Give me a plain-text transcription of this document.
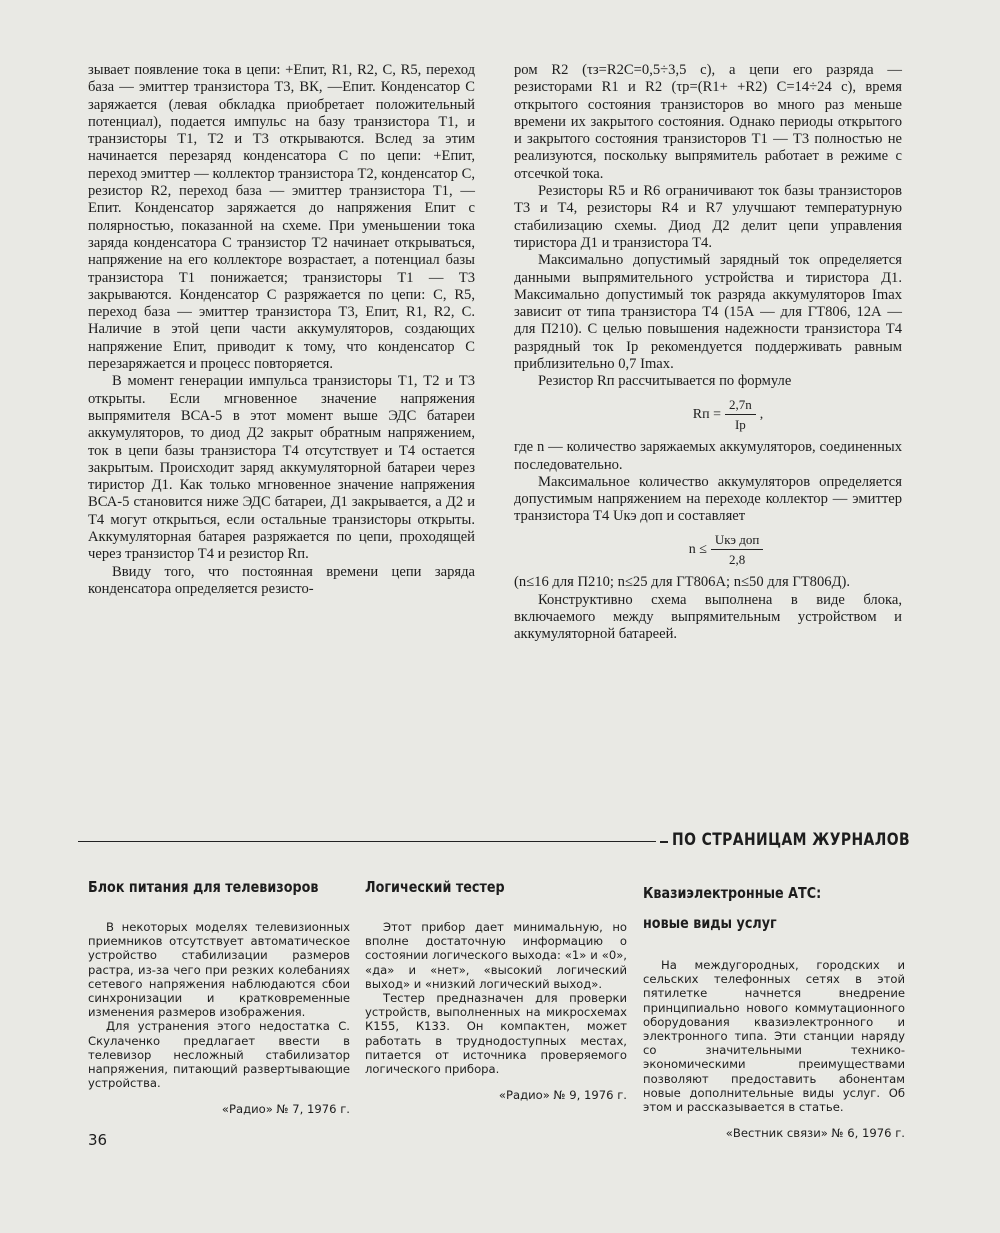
зывает появление тока в цепи: +Eпит, R1, R2, C, R5, переход база — эмиттер транзистора Т3, ВК, —Eпит. Конденсатор C заряжается (левая обкладка приобретает положительный потенциал), подается импульс на базу транзистора Т1, и транзисторы Т1, Т2 и Т3 открываются. Вслед за этим начинается перезаряд конденсатора C по цепи: +Eпит, переход эмиттер — коллектор транзистора Т2, конденсатор C, резистор R2, переход база — эмиттер транзистора Т1, —Eпит. Конденсатор заряжается до напряжения Eпит с полярностью, показанной на схеме. При уменьшении тока заряда конденсатора C транзистор Т2 начинает открываться, напряжение на его коллекторе возрастает, а потенциал базы транзистора Т1 понижается; транзисторы Т1 — Т3 закрываются. Конденсатор C разряжается по цепи: C, R5, переход база — эмиттер транзистора Т3, Eпит, R1, R2, C. Наличие в этой цепи части аккумуляторов, создающих напряжение Eпит, приводит к тому, что конденсатор C перезаряжается и процесс повторяется.

В момент генерации импульса транзисторы Т1, Т2 и Т3 открыты. Если мгновенное значение напряжения выпрямителя ВСА-5 в этот момент выше ЭДС батареи аккумуляторов, то диод Д2 закрыт обратным напряжением, ток в цепи базы транзистора Т4 отсутствует и Т4 остается закрытым. Происходит заряд аккумуляторной батареи через тиристор Д1. Как только мгновенное значение напряжения ВСА-5 становится ниже ЭДС батареи, Д1 закрывается, а Д2 и Т4 могут открыться, если остальные транзисторы открыты. Аккумуляторная батарея разряжается по цепи, проходящей через транзистор Т4 и резистор Rп.

Ввиду того, что постоянная времени цепи заряда конденсатора определяется резисто-

ром R2 (τз=R2C=0,5÷3,5 с), а цепи его разряда — резисторами R1 и R2 (τр=(R1+ +R2) C=14÷24 с), время открытого состояния транзисторов во много раз меньше времени их закрытого состояния. Однако периоды открытого и закрытого состояния транзисторов Т1 — Т3 полностью не реализуются, поскольку выпрямитель работает в режиме с отсечкой тока.

Резисторы R5 и R6 ограничивают ток базы транзисторов Т3 и Т4, резисторы R4 и R7 улучшают температурную стабилизацию схемы. Диод Д2 делит цепи управления тиристора Д1 и транзистора Т4.

Максимально допустимый зарядный ток определяется данными выпрямительного устройства и тиристора Д1. Максимально допустимый ток разряда аккумуляторов Imax зависит от типа транзистора Т4 (15А — для ГТ806, 12А — для П210). С целью повышения надежности транзистора Т4 разрядный ток Iр рекомендуется поддерживать равным приблизительно 0,7 Imax.

Резистор Rп рассчитывается по формуле

Rп = $\frac{2,7n}{Iр}$ ,

где n — количество заряжаемых аккумуляторов, соединенных последовательно.

Максимальное количество аккумуляторов определяется допустимым напряжением на переходе коллектор — эмиттер транзистора Т4 Uкэ доп и составляет

$n \le \frac{\text{Uкэ доп}}{2,8}$

(n≤16 для П210; n≤25 для ГТ806А; n≤50 для ГТ806Д).

Конструктивно схема выполнена в виде блока, включаемого между выпрямительным устройством и аккумуляторной батареей.

ПО СТРАНИЦАМ ЖУРНАЛОВ
Блок питания для телевизоров

В некоторых моделях телевизионных приемников отсутствует автоматическое устройство стабилизации размеров растра, из-за чего при резких колебаниях сетевого напряжения наблюдаются сбои синхронизации и кратковременные изменения размеров изображения.

Для устранения этого недостатка С. Скулаченко предлагает ввести в телевизор несложный стабилизатор напряжения, питающий развертывающие устройства.

«Радио» № 7, 1976 г.

Логический тестер

Этот прибор дает минимальную, но вполне достаточную информацию о состоянии логического выхода: «1» и «0», «да» и «нет», «высокий логический выход» и «низкий логический выход».

Тестер предназначен для проверки устройств, выполненных на микросхемах К155, К133. Он компактен, может работать в труднодоступных местах, питается от источника проверяемого логического прибора.

«Радио» № 9, 1976 г.

Квазиэлектронные АТС:
новые виды услуг

На междугородных, городских и сельских телефонных сетях в этой пятилетке начнется внедрение принципиально нового коммутационного оборудования квазиэлектронного и электронного типа. Эти станции наряду со значительными технико-экономическими преимуществами позволяют предоставить абонентам новые дополнительные виды услуг. Об этом и рассказывается в статье.

«Вестник связи» № 6, 1976 г.

36
